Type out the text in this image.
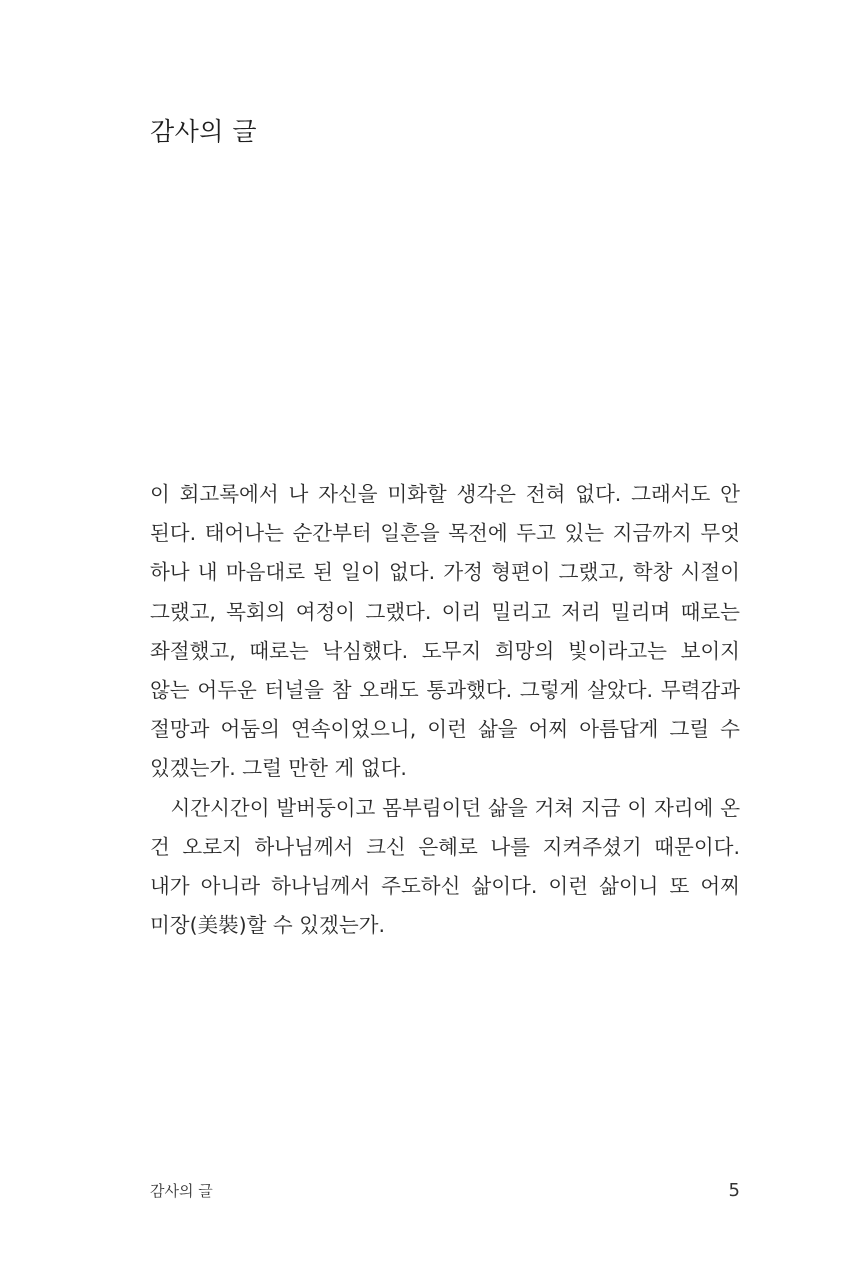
감사의 글

이 회고록에서 나 자신을 미화할 생각은 전혀 없다. 그래서도 안 된다. 태어나는 순간부터 일흔을 목전에 두고 있는 지금까지 무엇 하나 내 마음대로 된 일이 없다. 가정 형편이 그랬고, 학창 시절이 그랬고, 목회의 여정이 그랬다. 이리 밀리고 저리 밀리며 때로는 좌절했고, 때로는 낙심했다. 도무지 희망의 빛이라고는 보이지 않는 어두운 터널을 참 오래도 통과했다. 그렇게 살았다. 무력감과 절망과 어둠의 연속이었으니, 이런 삶을 어찌 아름답게 그릴 수 있겠는가. 그럴 만한 게 없다.

시간시간이 발버둥이고 몸부림이던 삶을 거쳐 지금 이 자리에 온 건 오로지 하나님께서 크신 은혜로 나를 지켜주셨기 때문이다. 내가 아니라 하나님께서 주도하신 삶이다. 이런 삶이니 또 어찌 미장(美裝)할 수 있겠는가.

감사의 글	5
